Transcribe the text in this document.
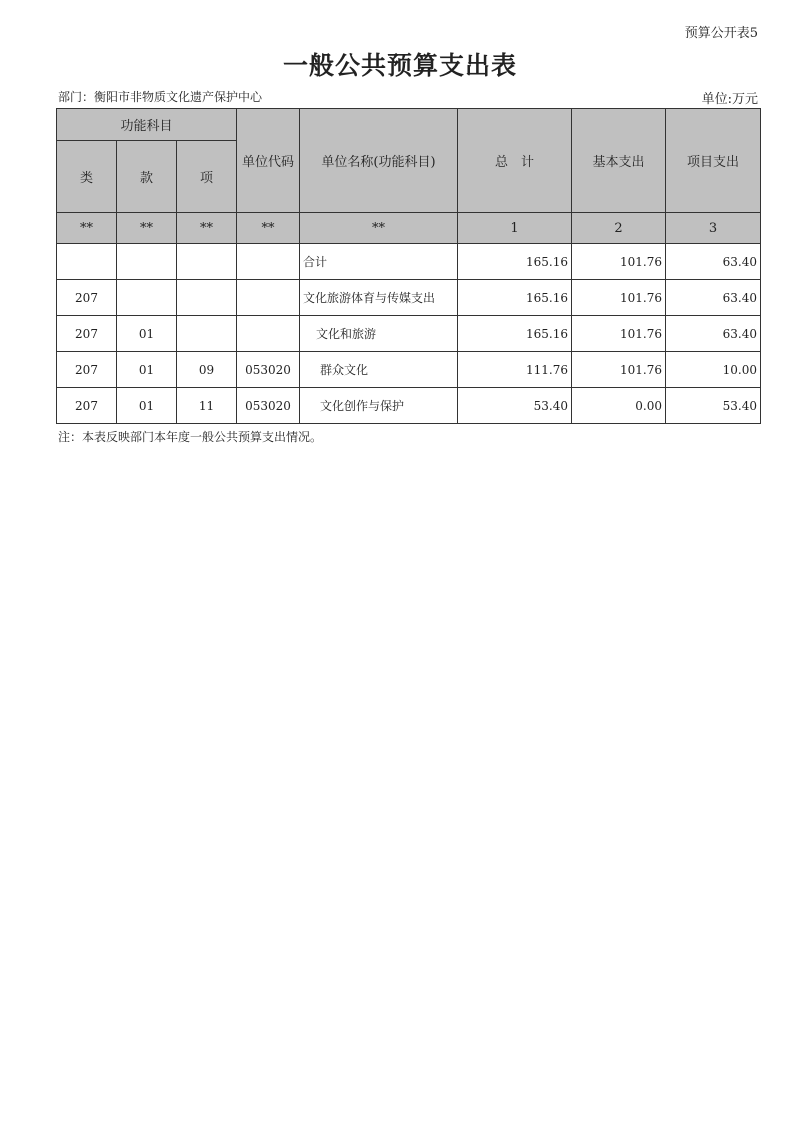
预算公开表5
一般公共预算支出表
部门：衡阳市非物质文化遗产保护中心	单位:万元
功能科目			单位代码	单位名称(功能科目)	总　计	基本支出	项目支出
类	款	项					
**	**	**	**	**	1	2	3
				合计	165.16	101.76	63.40
207				文化旅游体育与传媒支出	165.16	101.76	63.40
207	01			文化和旅游	165.16	101.76	63.40
207	01	09	053020	群众文化	111.76	101.76	10.00
207	01	11	053020	文化创作与保护	53.40	0.00	53.40
注：本表反映部门本年度一般公共预算支出情况。
